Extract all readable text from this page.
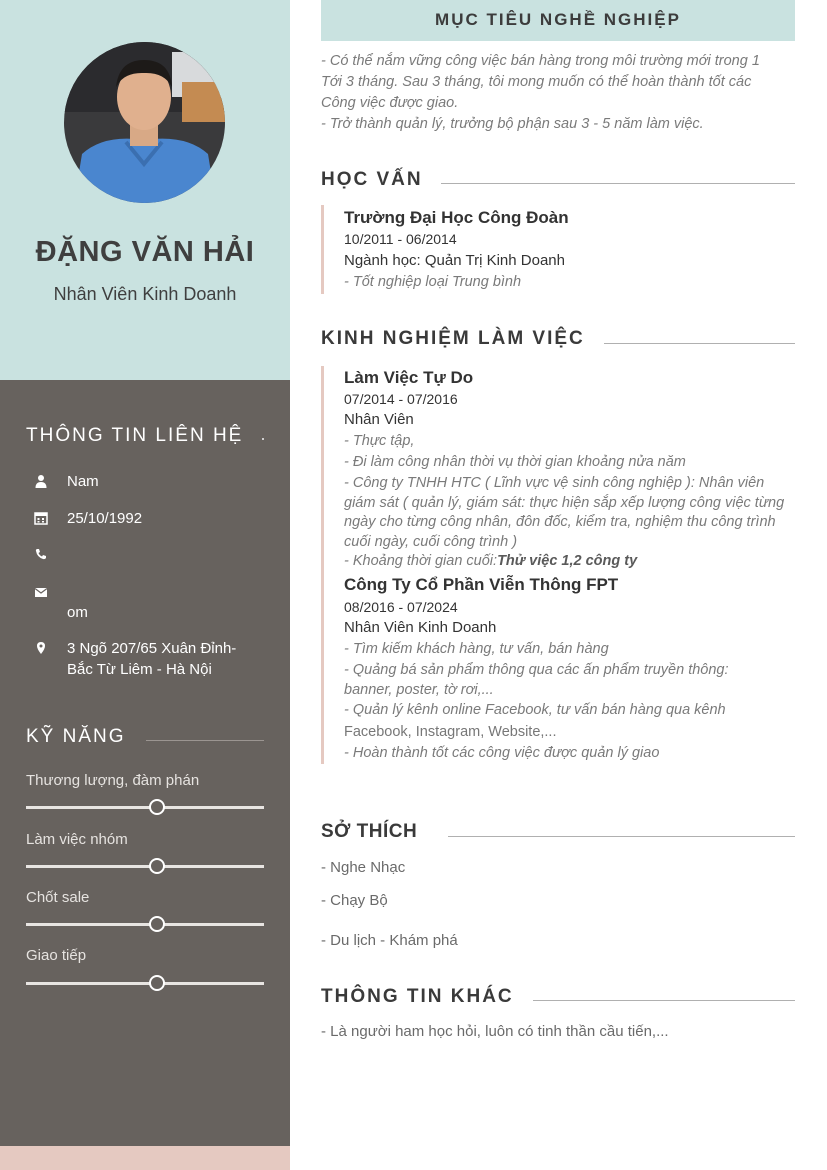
ĐẶNG VĂN HẢI
Nhân Viên Kinh Doanh
THÔNG TIN LIÊN HỆ
Nam
25/10/1992
om
3 Ngõ 207/65 Xuân Đỉnh-
Bắc Từ Liêm - Hà Nội
KỸ NĂNG
Thương lượng, đàm phán
Làm việc nhóm
Chốt sale
Giao tiếp
MỤC TIÊU NGHỀ NGHIỆP
- Có thể nắm vững công việc bán hàng trong môi trường mới trong 1
Tới 3 tháng. Sau 3 tháng, tôi mong muốn có thể hoàn thành tốt các
Công việc được giao.
- Trở thành quản lý, trưởng bộ phận sau 3 - 5 năm làm việc.
HỌC VẤN
Trường Đại Học Công Đoàn
10/2011 - 06/2014
Ngành học: Quản Trị Kinh Doanh
- Tốt nghiệp loại Trung bình
KINH NGHIỆM LÀM VIỆC
Làm Việc Tự Do
07/2014 - 07/2016
Nhân Viên
- Thực tập,
- Đi làm công nhân thời vụ thời gian khoảng nửa năm
- Công ty TNHH HTC ( Lĩnh vực vệ sinh công nghiệp ): Nhân viên giám sát ( quản lý, giám sát: thực hiện sắp xếp lượng công việc từng ngày cho từng công nhân, đôn đốc, kiểm tra, nghiệm thu công trình cuối ngày, cuối công trình )
- Khoảng thời gian cuối:Thử việc 1,2 công ty
Công Ty Cổ Phần Viễn Thông FPT
08/2016 - 07/2024
Nhân Viên Kinh Doanh
- Tìm kiếm khách hàng, tư vấn, bán hàng
- Quảng bá sản phẩm thông qua các ấn phẩm truyền thông: banner, poster, tờ rơi,...
- Quản lý kênh online Facebook, tư vấn bán hàng qua kênh
Facebook, Instagram, Website,...
- Hoàn thành tốt các công việc được quản lý giao
SỞ THÍCH
- Nghe Nhạc
- Chạy Bộ
- Du lịch - Khám phá
THÔNG TIN KHÁC
- Là người ham học hỏi, luôn có tinh thần cầu tiến,...
